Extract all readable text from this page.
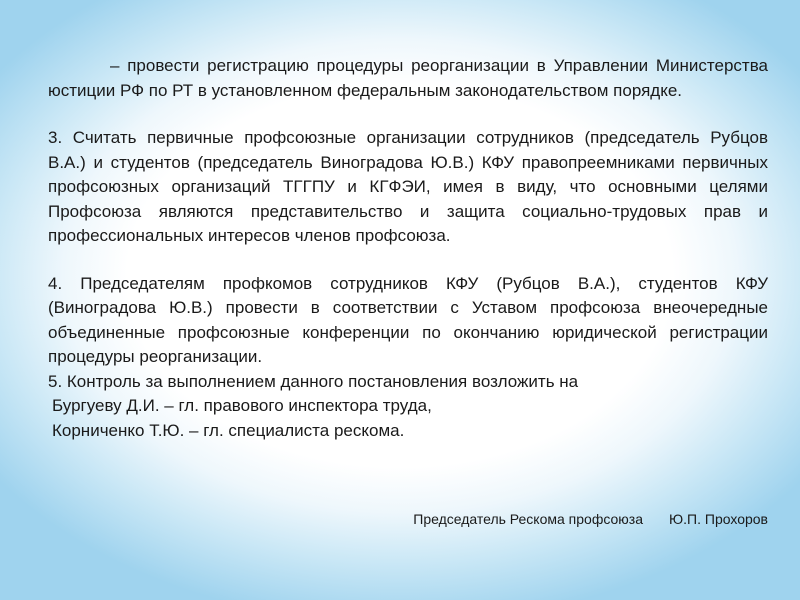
– провести регистрацию процедуры реорганизации в Управлении Министерства юстиции РФ по РТ в установленном федеральным законодательством порядке.

3. Считать первичные профсоюзные организации сотрудников (председатель Рубцов В.А.) и студентов (председатель Виноградова Ю.В.) КФУ правопреемниками первичных профсоюзных организаций ТГГПУ и КГФЭИ, имея в виду, что основными целями Профсоюза являются представительство и защита социально-трудовых прав и профессиональных интересов членов профсоюза.

4. Председателям профкомов сотрудников КФУ (Рубцов В.А.), студентов КФУ (Виноградова Ю.В.) провести в соответствии с Уставом профсоюза внеочередные объединенные профсоюзные конференции по окончанию юридической регистрации процедуры реорганизации.

5. Контроль за выполнением данного постановления возложить на

Бургуеву Д.И. – гл. правового инспектора труда,

Корниченко Т.Ю. – гл. специалиста рескома.

Председатель Рескома профсоюза Ю.П. Прохоров
